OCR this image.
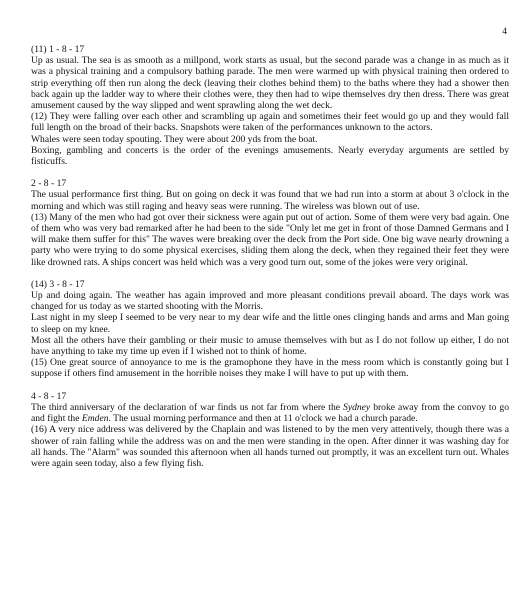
4
(11) 1 - 8 - 17

Up as usual. The sea is as smooth as a millpond, work starts as usual, but the second parade was a change in as much as it was a physical training and a compulsory bathing parade. The men were warmed up with physical training then ordered to strip everything off then run along the deck (leaving their clothes behind them) to the baths where they had a shower then back again up the ladder way to where their clothes were, they then had to wipe themselves dry then dress. There was great amusement caused by the way slipped and went sprawling along the wet deck.

(12) They were falling over each other and scrambling up again and sometimes their feet would go up and they would fall full length on the broad of their backs. Snapshots were taken of the performances unknown to the actors.

Whales were seen today spouting. They were about 200 yds from the boat.

Boxing, gambling and concerts is the order of the evenings amusements. Nearly everyday arguments are settled by fisticuffs.

2 - 8 - 17

The usual performance first thing. But on going on deck it was found that we had run into a storm at about 3 o'clock in the morning and which was still raging and heavy seas were running. The wireless was blown out of use.

(13) Many of the men who had got over their sickness were again put out of action. Some of them were very bad again. One of them who was very bad remarked after he had been to the side "Only let me get in front of those Damned Germans and I will make them suffer for this" The waves were breaking over the deck from the Port side. One big wave nearly drowning a party who were trying to do some physical exercises, sliding them along the deck, when they regained their feet they were like drowned rats. A ships concert was held which was a very good turn out, some of the jokes were very original.

(14) 3 - 8 - 17

Up and doing again. The weather has again improved and more pleasant conditions prevail aboard. The days work was changed for us today as we started shooting with the Morris.

Last night in my sleep I seemed to be very near to my dear wife and the little ones clinging hands and arms and Man going to sleep on my knee.

Most all the others have their gambling or their music to amuse themselves with but as I do not follow up either, I do not have anything to take my time up even if I wished not to think of home.

(15) One great source of annoyance to me is the gramophone they have in the mess room which is constantly going but I suppose if others find amusement in the horrible noises they make I will have to put up with them.

4 - 8 - 17

The third anniversary of the declaration of war finds us not far from where the Sydney broke away from the convoy to go and fight the Emden. The usual morning performance and then at 11 o'clock we had a church parade.

(16) A very nice address was delivered by the Chaplain and was listened to by the men very attentively, though there was a shower of rain falling while the address was on and the men were standing in the open. After dinner it was washing day for all hands. The "Alarm" was sounded this afternoon when all hands turned out promptly, it was an excellent turn out. Whales were again seen today, also a few flying fish.
